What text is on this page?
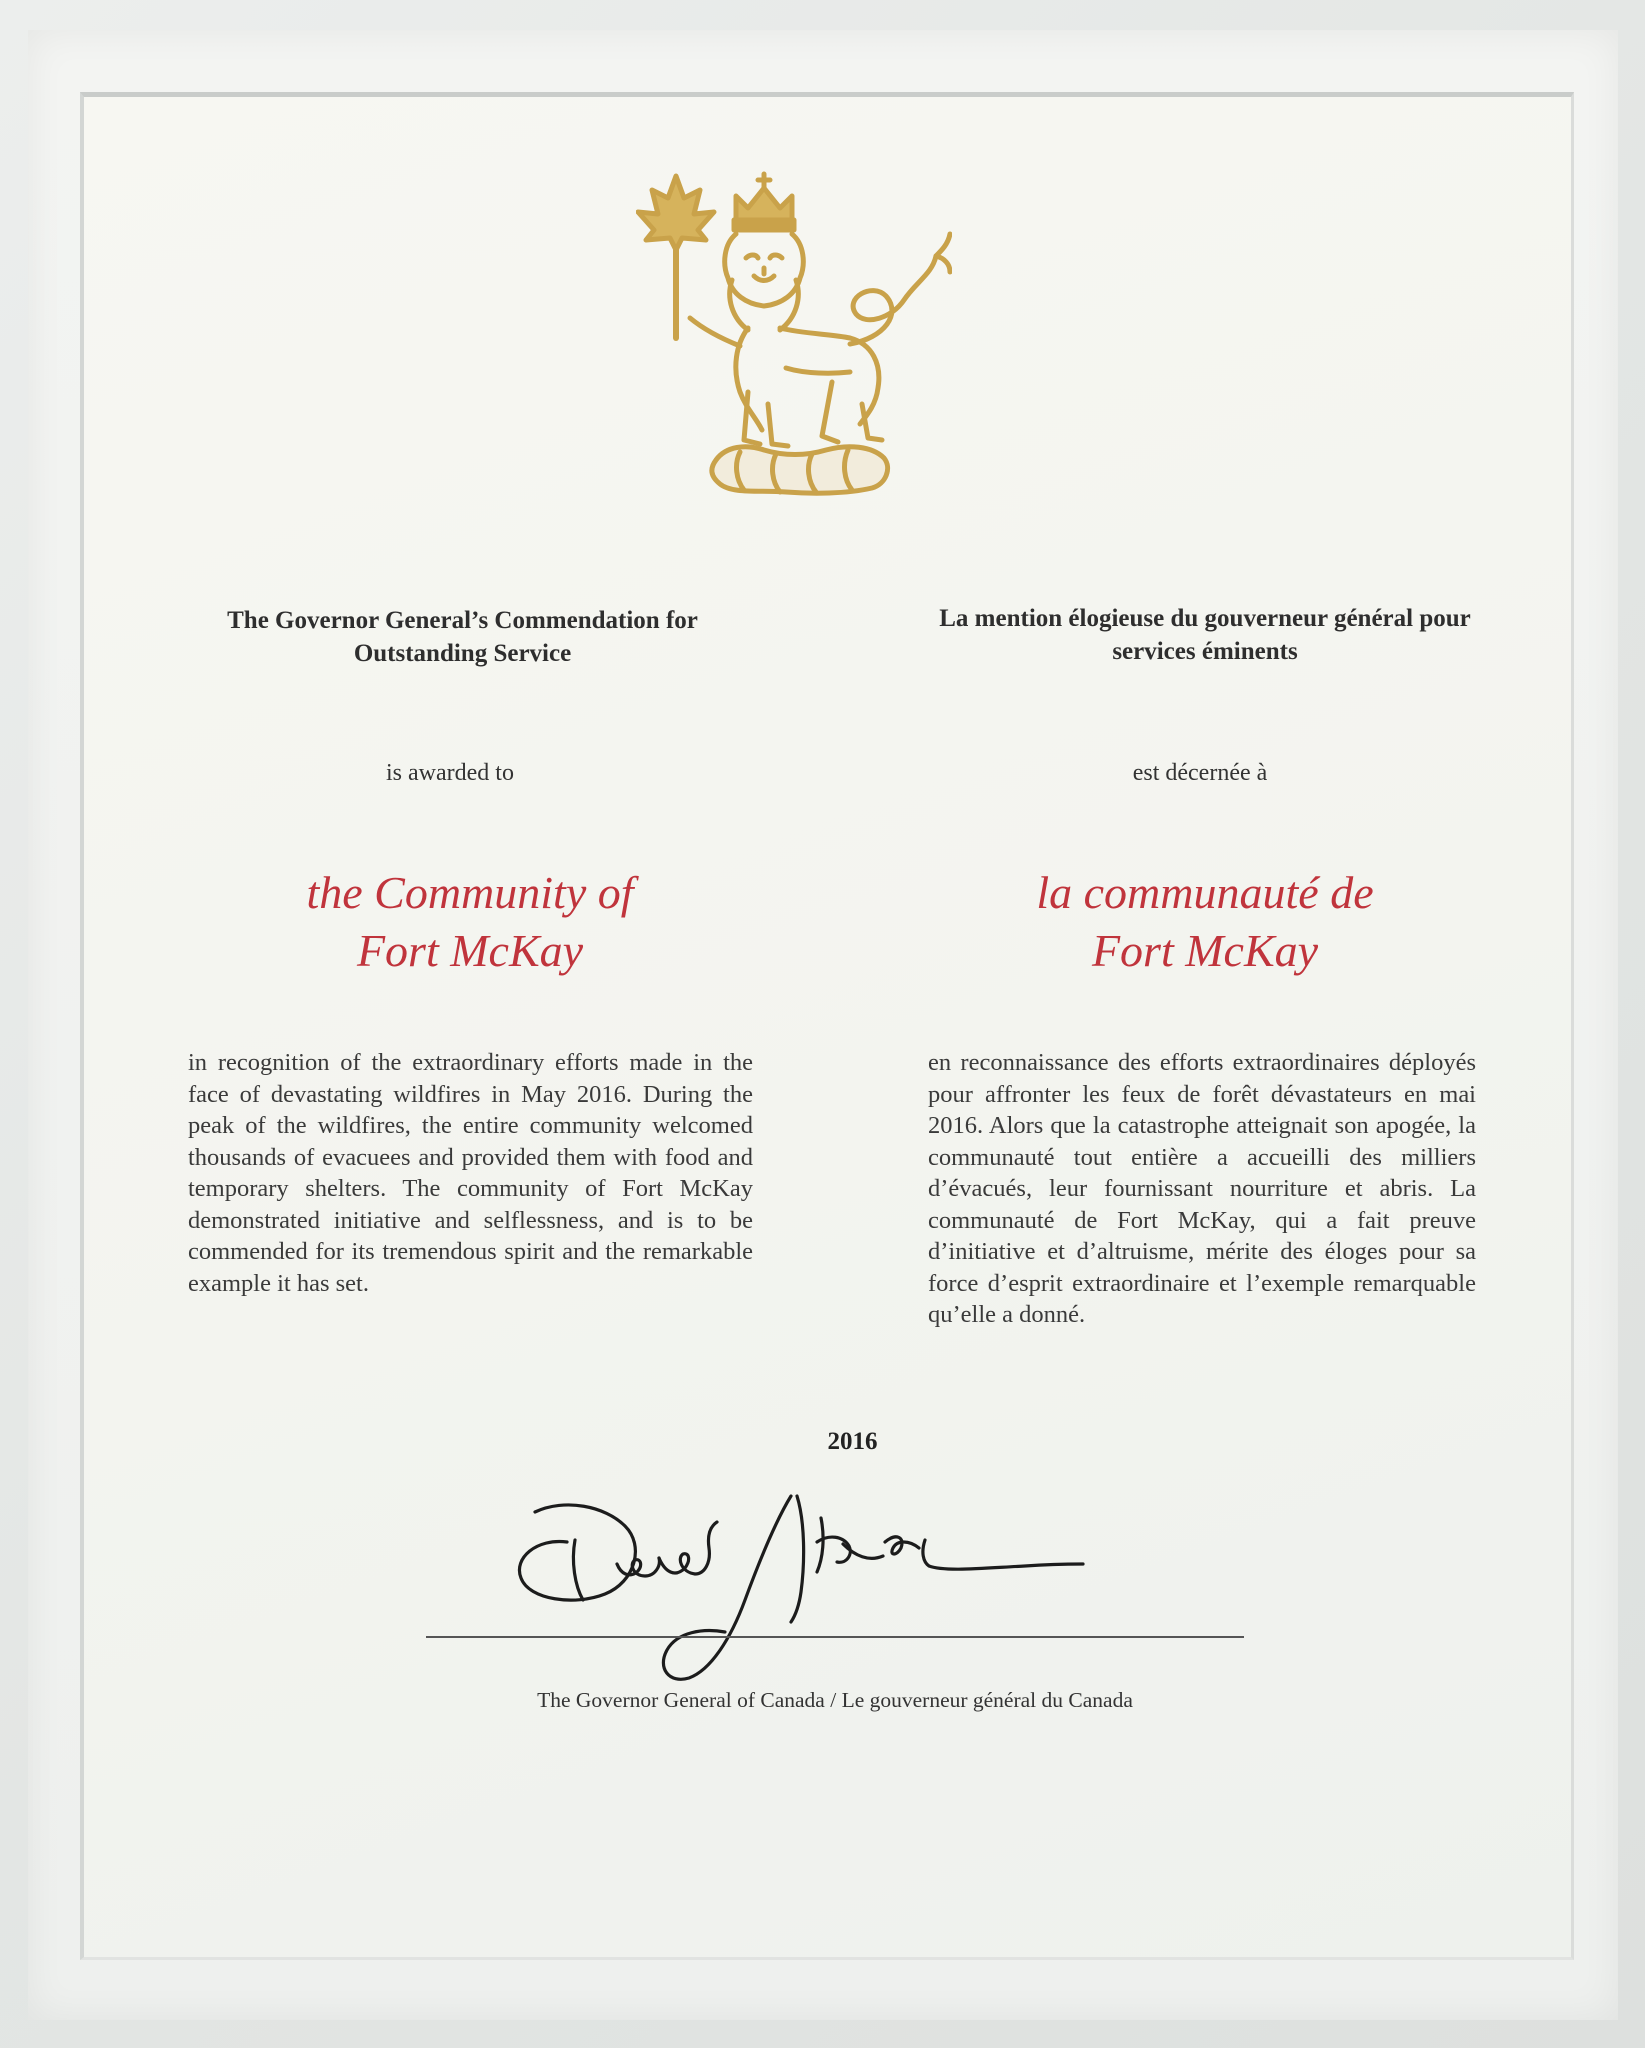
The Governor General’s Commendation for Outstanding Service
La mention élogieuse du gouverneur général pour services éminents
is awarded to	est décernée à
the Community of
Fort McKay
la communauté de
Fort McKay
in recognition of the extraordinary efforts made in the face of devastating wildfires in May 2016. During the peak of the wildfires, the entire community welcomed thousands of evacuees and provided them with food and temporary shelters. The community of Fort McKay demonstrated initiative and selflessness, and is to be commended for its tremendous spirit and the remarkable example it has set.
en reconnaissance des efforts extraordinaires déployés pour affronter les feux de forêt dévastateurs en mai 2016. Alors que la catastrophe atteignait son apogée, la communauté tout entière a accueilli des milliers d’évacués, leur fournissant nourriture et abris. La communauté de Fort McKay, qui a fait preuve d’initiative et d’altruisme, mérite des éloges pour sa force d’esprit extraordinaire et l’exemple remarquable qu’elle a donné.
2016
The Governor General of Canada / Le gouverneur général du Canada
